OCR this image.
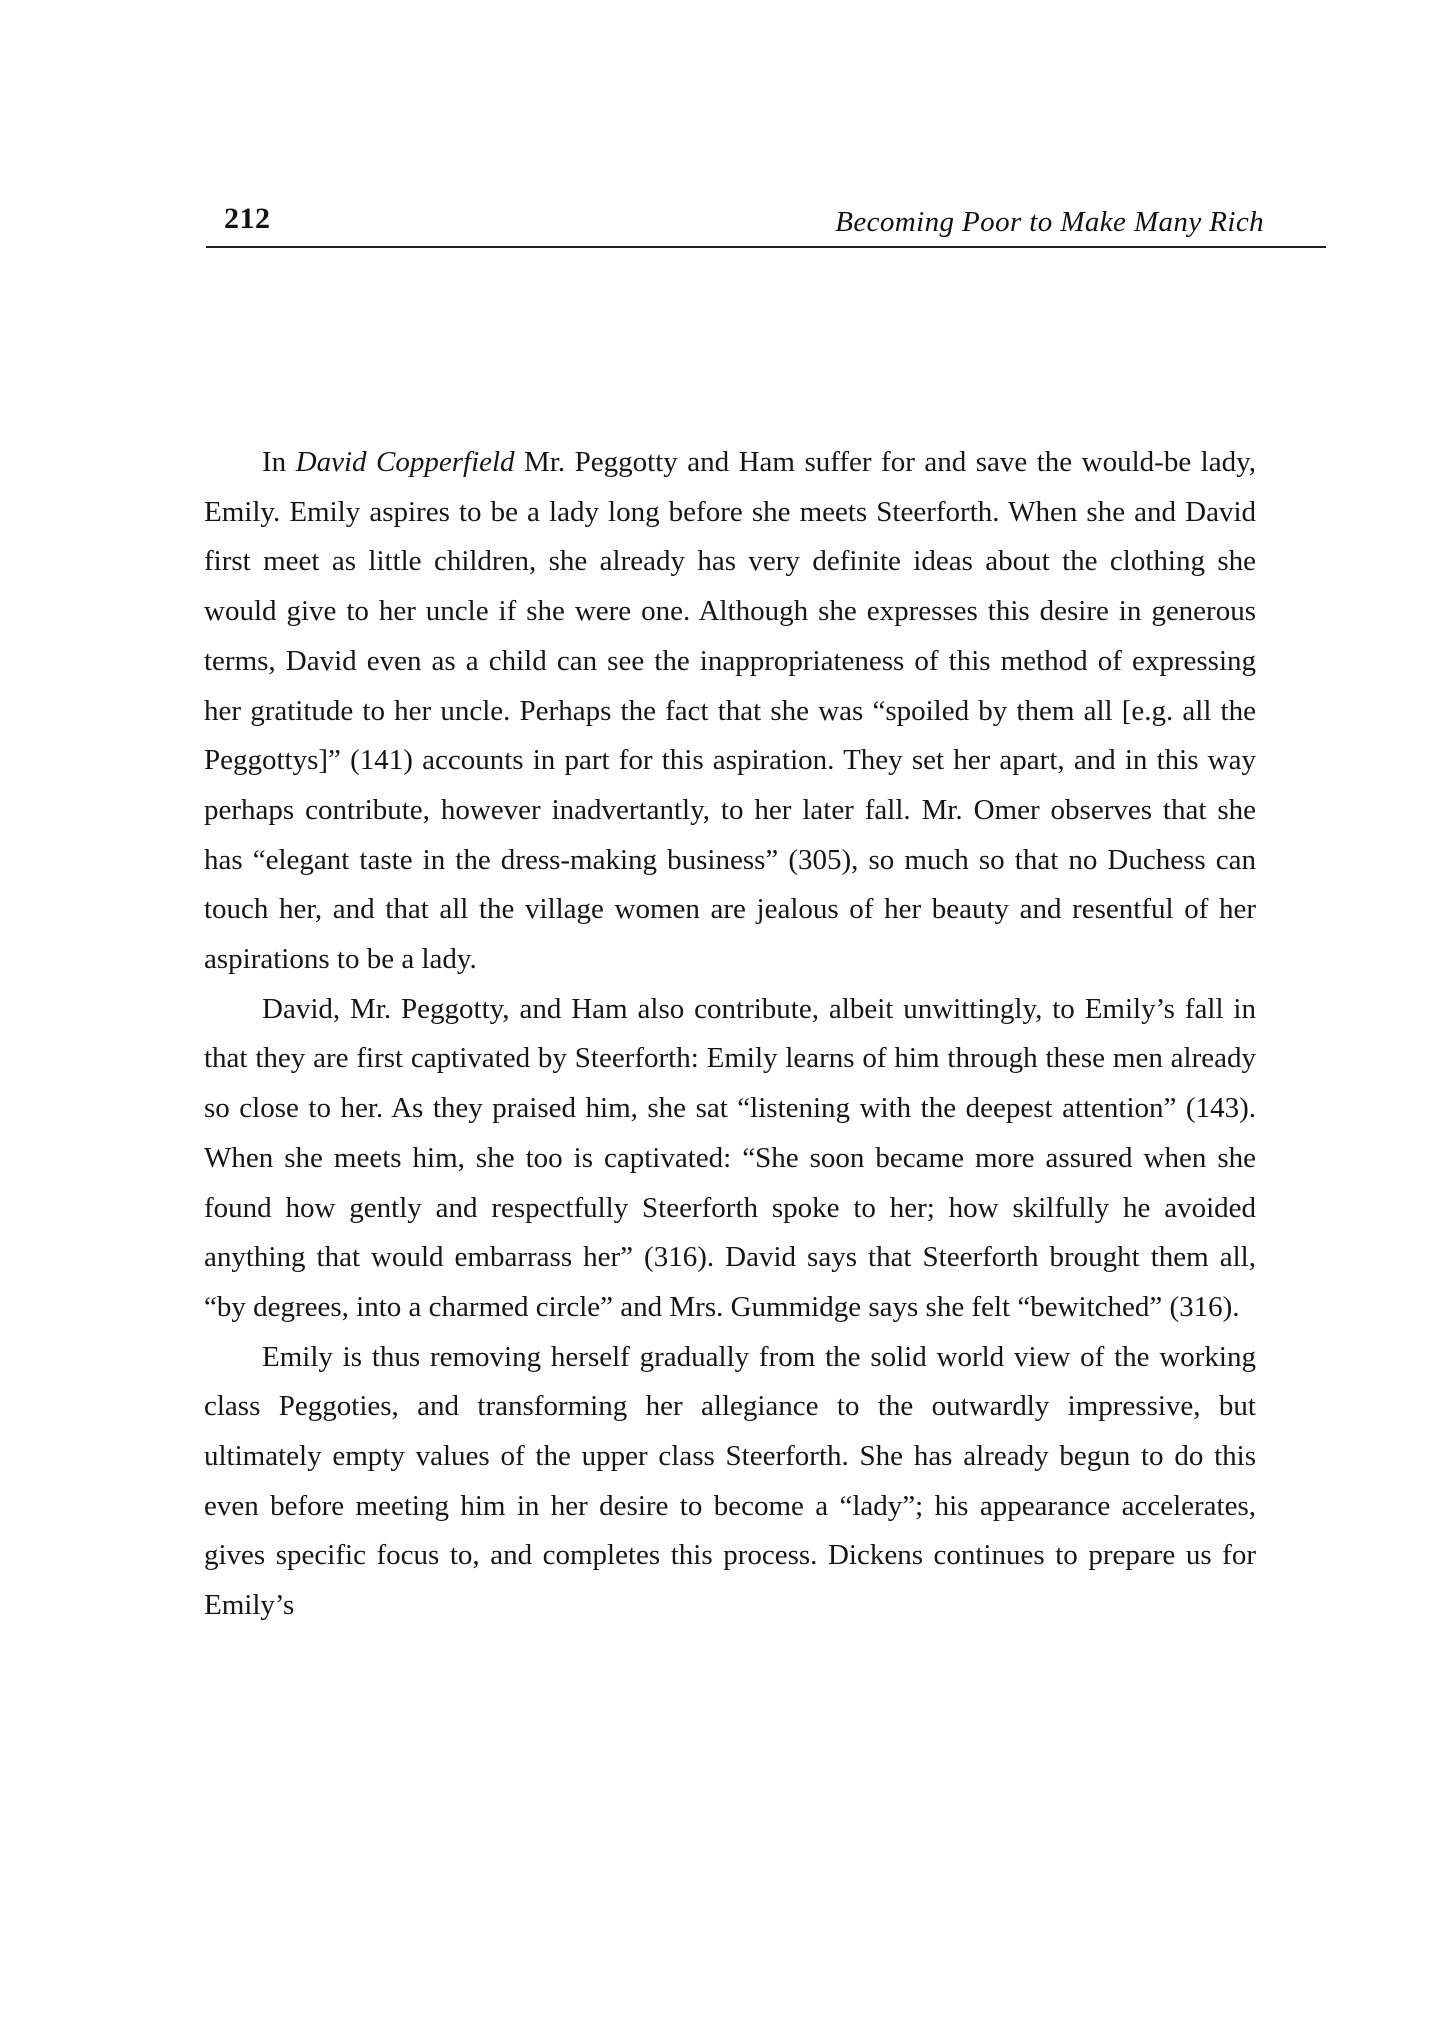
212	Becoming Poor to Make Many Rich

In David Copperfield Mr. Peggotty and Ham suffer for and save the would-be lady, Emily. Emily aspires to be a lady long before she meets Steerforth. When she and David first meet as little children, she already has very definite ideas about the clothing she would give to her uncle if she were one. Although she expresses this desire in generous terms, David even as a child can see the inappropriateness of this method of expressing her gratitude to her uncle. Perhaps the fact that she was “spoiled by them all [e.g. all the Peggottys]” (141) accounts in part for this aspiration. They set her apart, and in this way perhaps contribute, however inadvertantly, to her later fall. Mr. Omer observes that she has “elegant taste in the dress-making business” (305), so much so that no Duchess can touch her, and that all the village women are jealous of her beauty and resentful of her aspirations to be a lady.

David, Mr. Peggotty, and Ham also contribute, albeit unwittingly, to Emily’s fall in that they are first captivated by Steerforth: Emily learns of him through these men already so close to her. As they praised him, she sat “listening with the deepest attention” (143). When she meets him, she too is captivated: “She soon became more assured when she found how gently and respectfully Steerforth spoke to her; how skilfully he avoided anything that would embarrass her” (316). David says that Steerforth brought them all, “by degrees, into a charmed circle” and Mrs. Gummidge says she felt “bewitched” (316).

Emily is thus removing herself gradually from the solid world view of the working class Peggoties, and transforming her allegiance to the outwardly impressive, but ultimately empty values of the upper class Steerforth. She has already begun to do this even before meeting him in her desire to become a “lady”; his appearance accelerates, gives specific focus to, and completes this process. Dickens continues to prepare us for Emily’s
